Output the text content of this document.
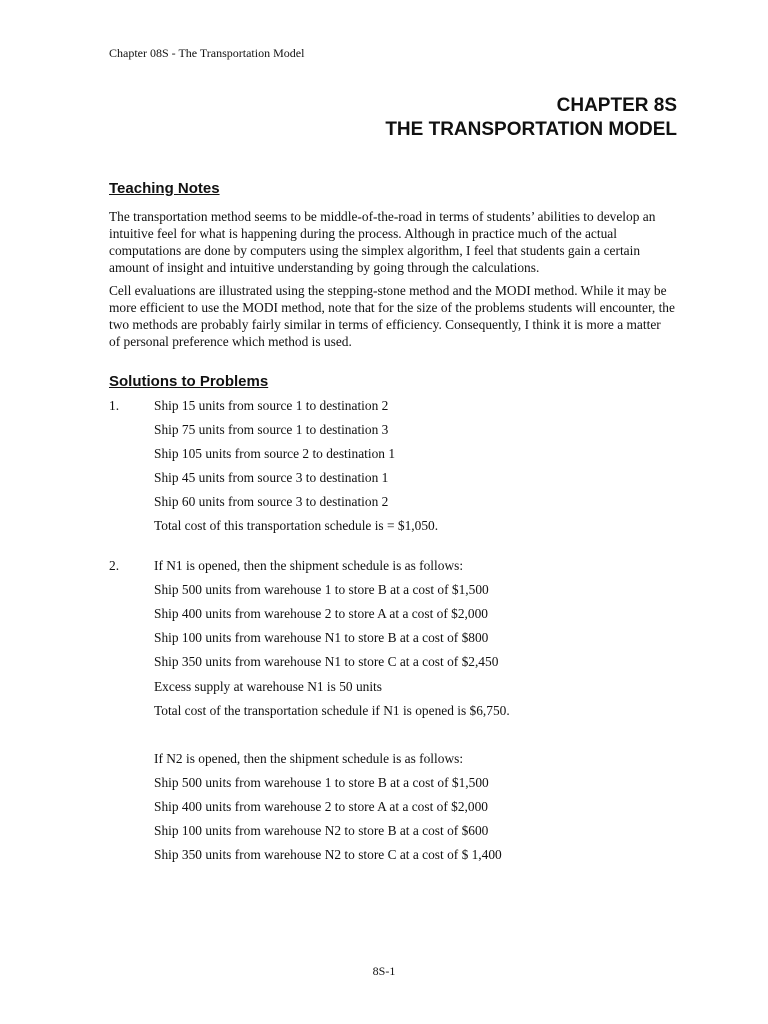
Chapter 08S - The Transportation Model
CHAPTER 8S
THE TRANSPORTATION MODEL
Teaching Notes
The transportation method seems to be middle-of-the-road in terms of students’ abilities to develop an intuitive feel for what is happening during the process. Although in practice much of the actual computations are done by computers using the simplex algorithm, I feel that students gain a certain amount of insight and intuitive understanding by going through the calculations.
Cell evaluations are illustrated using the stepping-stone method and the MODI method. While it may be more efficient to use the MODI method, note that for the size of the problems students will encounter, the two methods are probably fairly similar in terms of efficiency. Consequently, I think it is more a matter of personal preference which method is used.
Solutions to Problems
1.	Ship 15 units from source 1 to destination 2
Ship 75 units from source 1 to destination 3
Ship 105 units from source 2 to destination 1
Ship 45 units from source 3 to destination 1
Ship 60 units from source 3 to destination 2
Total cost of this transportation schedule is = $1,050.
2.	If N1 is opened, then the shipment schedule is as follows:
Ship 500 units from warehouse 1 to store B at a cost of $1,500
Ship 400 units from warehouse 2 to store A at a cost of $2,000
Ship 100 units from warehouse N1 to store B at a cost of $800
Ship 350 units from warehouse N1 to store C at a cost of $2,450
Excess supply at warehouse N1 is 50 units
Total cost of the transportation schedule if N1 is opened is $6,750.
If N2 is opened, then the shipment schedule is as follows:
Ship 500 units from warehouse 1 to store B at a cost of $1,500
Ship 400 units from warehouse 2 to store A at a cost of $2,000
Ship 100 units from warehouse N2 to store B at a cost of $600
Ship 350 units from warehouse N2 to store C at a cost of $ 1,400
8S-1
